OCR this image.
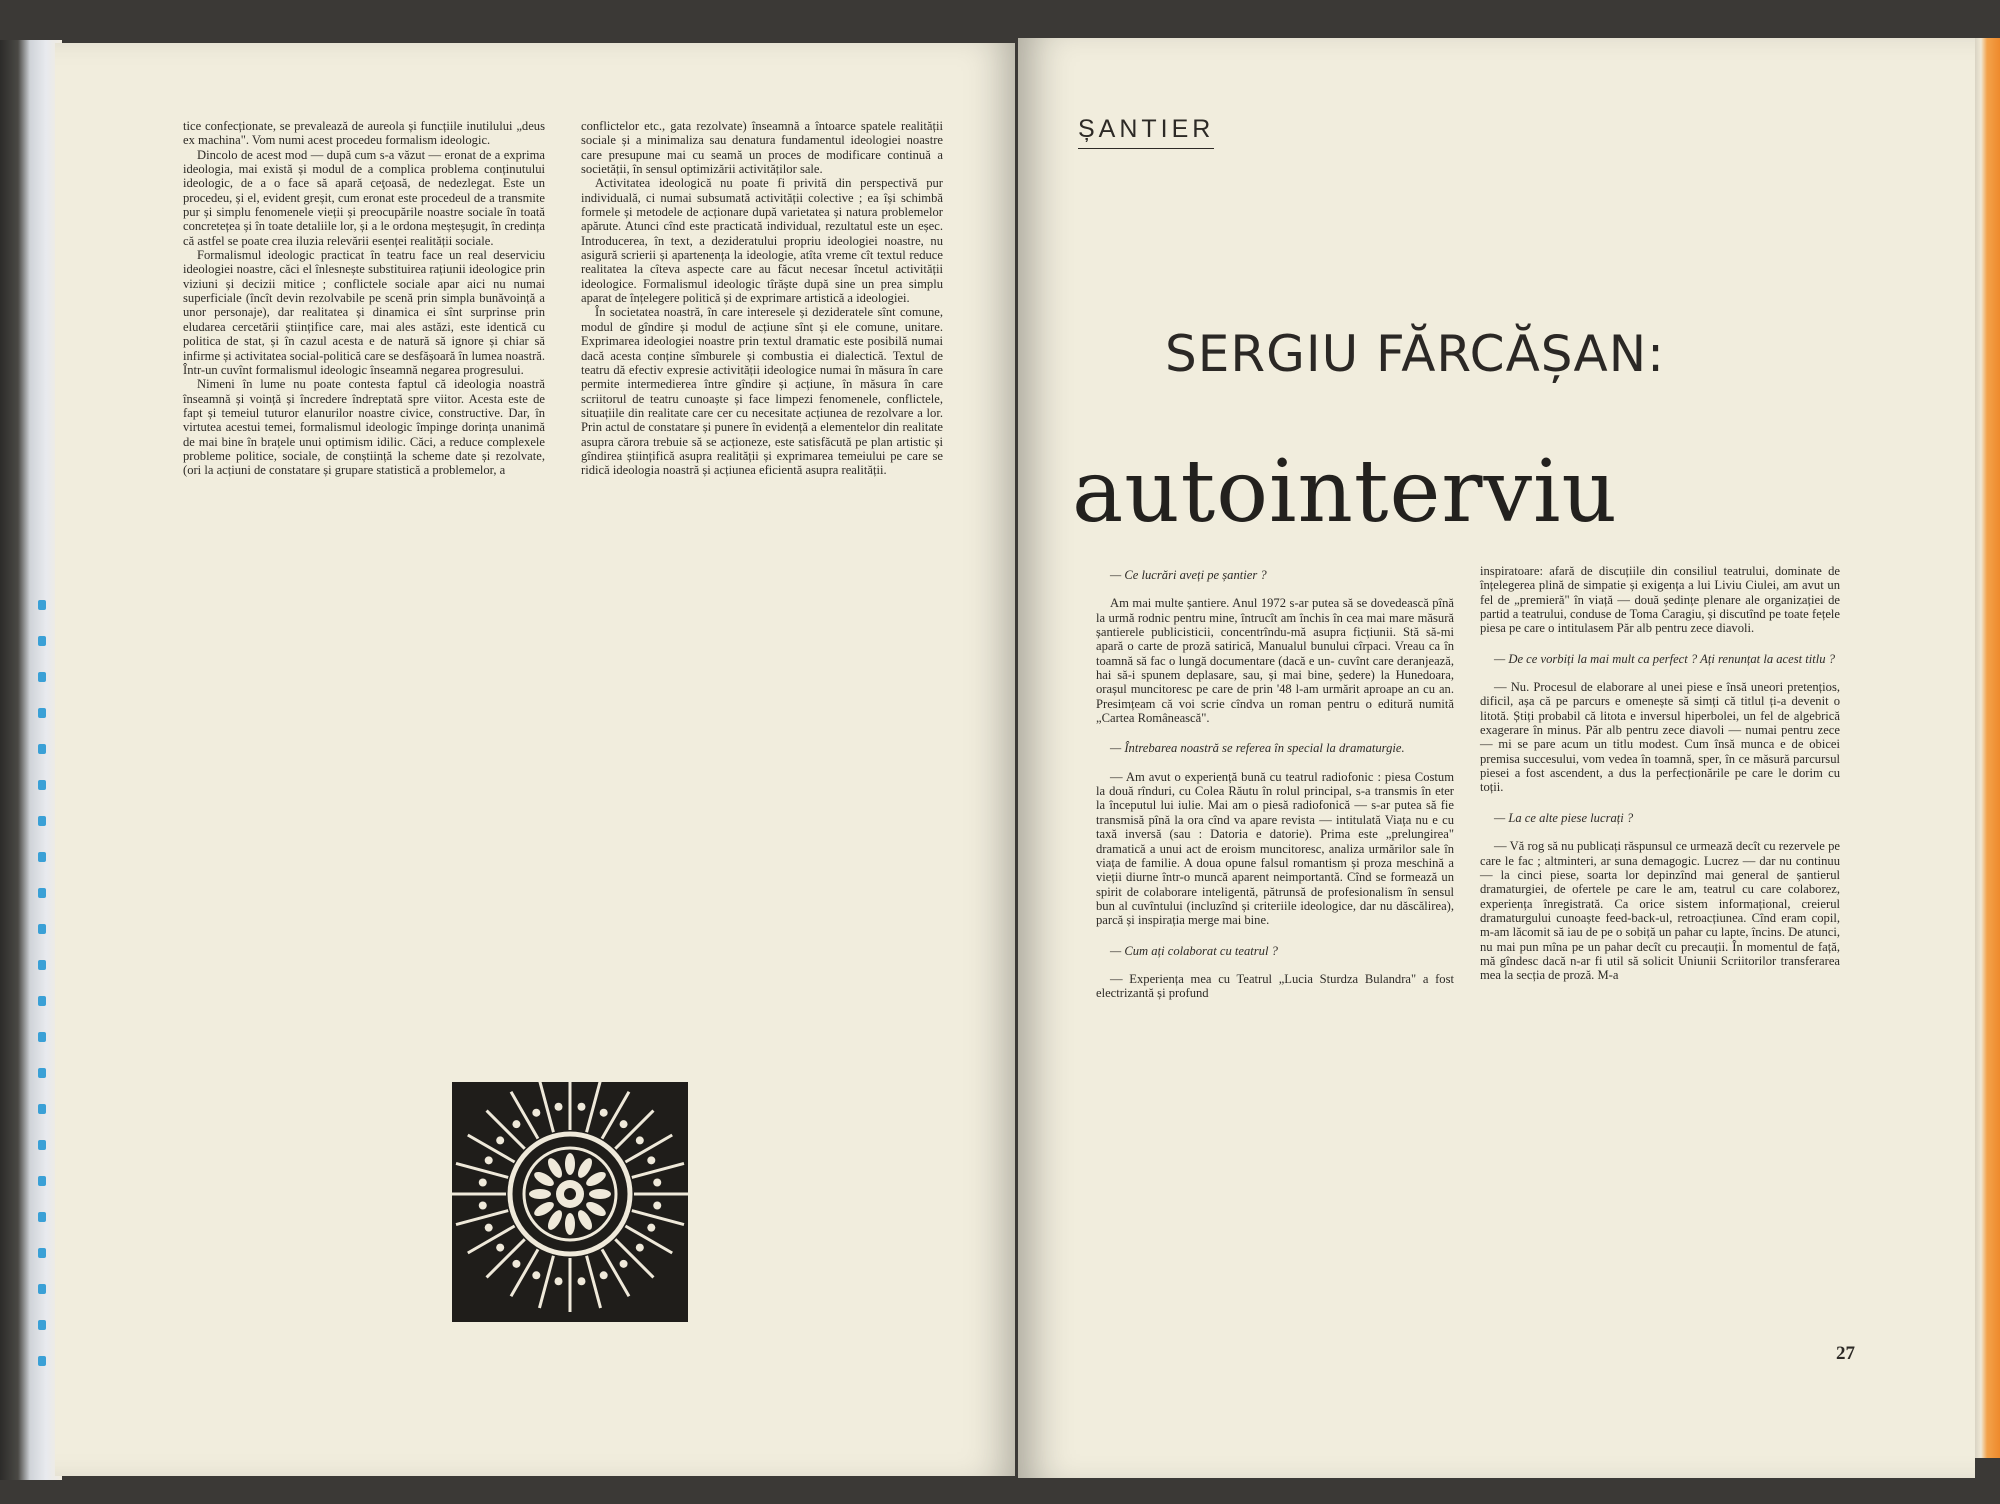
tice confecționate, se prevalează de aureola și funcțiile inutilului „deus ex machina". Vom numi acest procedeu formalism ideologic.

Dincolo de acest mod — după cum s-a văzut — eronat de a exprima ideologia, mai există și modul de a complica problema conținutului ideologic, de a o face să apară ceţoasă, de nedezlegat. Este un procedeu, și el, evident greșit, cum eronat este procedeul de a transmite pur și simplu fenomenele vieții și preocupările noastre sociale în toată concretețea și în toate detaliile lor, și a le ordona meșteșugit, în credința că astfel se poate crea iluzia relevării esenței realității sociale.

Formalismul ideologic practicat în teatru face un real deserviciu ideologiei noastre, căci el înlesnește substituirea rațiunii ideologice prin viziuni și decizii mitice ; conflictele sociale apar aici nu numai superficiale (încît devin rezolvabile pe scenă prin simpla bunăvoință a unor personaje), dar realitatea și dinamica ei sînt surprinse prin eludarea cercetării științifice care, mai ales astăzi, este identică cu politica de stat, și în cazul acesta e de natură să ignore și chiar să infirme și activitatea social-politică care se desfășoară în lumea noastră. Într-un cuvînt formalismul ideologic înseamnă negarea progresului.

Nimeni în lume nu poate contesta faptul că ideologia noastră înseamnă și voință și încredere îndreptată spre viitor. Acesta este de fapt și temeiul tuturor elanurilor noastre civice, constructive. Dar, în virtutea acestui temei, formalismul ideologic împinge dorința unanimă de mai bine în brațele unui optimism idilic. Căci, a reduce complexele probleme politice, sociale, de conștiință la scheme date și rezolvate, (ori la acțiuni de constatare și grupare statistică a problemelor, a

conflictelor etc., gata rezolvate) înseamnă a întoarce spatele realității sociale și a minimaliza sau denatura fundamentul ideologiei noastre care presupune mai cu seamă un proces de modificare continuă a societății, în sensul optimizării activităților sale.

Activitatea ideologică nu poate fi privită din perspectivă pur individuală, ci numai subsumată activității colective ; ea își schimbă formele și metodele de acționare după varietatea și natura problemelor apărute. Atunci cînd este practicată individual, rezultatul este un eșec. Introducerea, în text, a dezideratului propriu ideologiei noastre, nu asigură scrierii și apartenența la ideologie, atîta vreme cît textul reduce realitatea la cîteva aspecte care au făcut necesar încetul activității ideologice. Formalismul ideologic tîrăște după sine un prea simplu aparat de înțelegere politică și de exprimare artistică a ideologiei.

În societatea noastră, în care interesele și dezideratele sînt comune, modul de gîndire și modul de acțiune sînt și ele comune, unitare. Exprimarea ideologiei noastre prin textul dramatic este posibilă numai dacă acesta conține sîmburele și combustia ei dialectică. Textul de teatru dă efectiv expresie activității ideologice numai în măsura în care permite intermedierea între gîndire și acțiune, în măsura în care scriitorul de teatru cunoaște și face limpezi fenomenele, conflictele, situațiile din realitate care cer cu necesitate acțiunea de rezolvare a lor. Prin actul de constatare și punere în evidență a elementelor din realitate asupra cărora trebuie să se acționeze, este satisfăcută pe plan artistic și gîndirea științifică asupra realității și exprimarea temeiului pe care se ridică ideologia noastră și acțiunea eficientă asupra realității.

ȘANTIER
SERGIU FĂRCĂȘAN:
autointerviu

— Ce lucrări aveți pe șantier ?

Am mai multe șantiere. Anul 1972 s-ar putea să se dovedească pînă la urmă rodnic pentru mine, întrucît am închis în cea mai mare măsură șantierele publicisticii, concentrîndu-mă asupra ficțiunii. Stă să-mi apară o carte de proză satirică, Manualul bunului cîrpaci. Vreau ca în toamnă să fac o lungă documentare (dacă e un- cuvînt care deranjează, hai să-i spunem deplasare, sau, și mai bine, ședere) la Hunedoara, orașul muncitoresc pe care de prin '48 l-am urmărit aproape an cu an. Presimțeam că voi scrie cîndva un roman pentru o editură numită „Cartea Românească".

— Întrebarea noastră se referea în special la dramaturgie.

— Am avut o experiență bună cu teatrul radiofonic : piesa Costum la două rînduri, cu Colea Răutu în rolul principal, s-a transmis în eter la începutul lui iulie. Mai am o piesă radiofonică — s-ar putea să fie transmisă pînă la ora cînd va apare revista — intitulată Viața nu e cu taxă inversă (sau : Datoria e datorie). Prima este „prelungirea" dramatică a unui act de eroism muncitoresc, analiza urmărilor sale în viața de familie. A doua opune falsul romantism și proza meschină a vieții diurne într-o muncă aparent neimportantă. Cînd se formează un spirit de colaborare inteligentă, pătrunsă de profesionalism în sensul bun al cuvîntului (incluzînd și criteriile ideologice, dar nu dăscălirea), parcă și inspirația merge mai bine.

— Cum ați colaborat cu teatrul ?

— Experiența mea cu Teatrul „Lucia Sturdza Bulandra" a fost electrizantă și profund

inspiratoare: afară de discuțiile din consiliul teatrului, dominate de înțelegerea plină de simpatie și exigența a lui Liviu Ciulei, am avut un fel de „premieră" în viață — două ședințe plenare ale organizației de partid a teatrului, conduse de Toma Caragiu, și discutînd pe toate fețele piesa pe care o intitulasem Păr alb pentru zece diavoli.

— De ce vorbiți la mai mult ca perfect ? Ați renunțat la acest titlu ?

— Nu. Procesul de elaborare al unei piese e însă uneori pretențios, dificil, așa că pe parcurs e omenește să simți că titlul ți-a devenit o litotă. Știți probabil că litota e inversul hiperbolei, un fel de algebrică exagerare în minus. Păr alb pentru zece diavoli — numai pentru zece — mi se pare acum un titlu modest. Cum însă munca e de obicei premisa succesului, vom vedea în toamnă, sper, în ce măsură parcursul piesei a fost ascendent, a dus la perfecționările pe care le dorim cu toții.

— La ce alte piese lucrați ?

— Vă rog să nu publicați răspunsul ce urmează decît cu rezervele pe care le fac ; altminteri, ar suna demagogic. Lucrez — dar nu continuu — la cinci piese, soarta lor depinzînd mai general de șantierul dramaturgiei, de ofertele pe care le am, teatrul cu care colaborez, experiența înregistrată. Ca orice sistem informațional, creierul dramaturgului cunoaște feed-back-ul, retroacțiunea. Cînd eram copil, m-am lăcomit să iau de pe o sobiță un pahar cu lapte, încins. De atunci, nu mai pun mîna pe un pahar decît cu precauții. În momentul de față, mă gîndesc dacă n-ar fi util să solicit Uniunii Scriitorilor transferarea mea la secția de proză. M-a

27
